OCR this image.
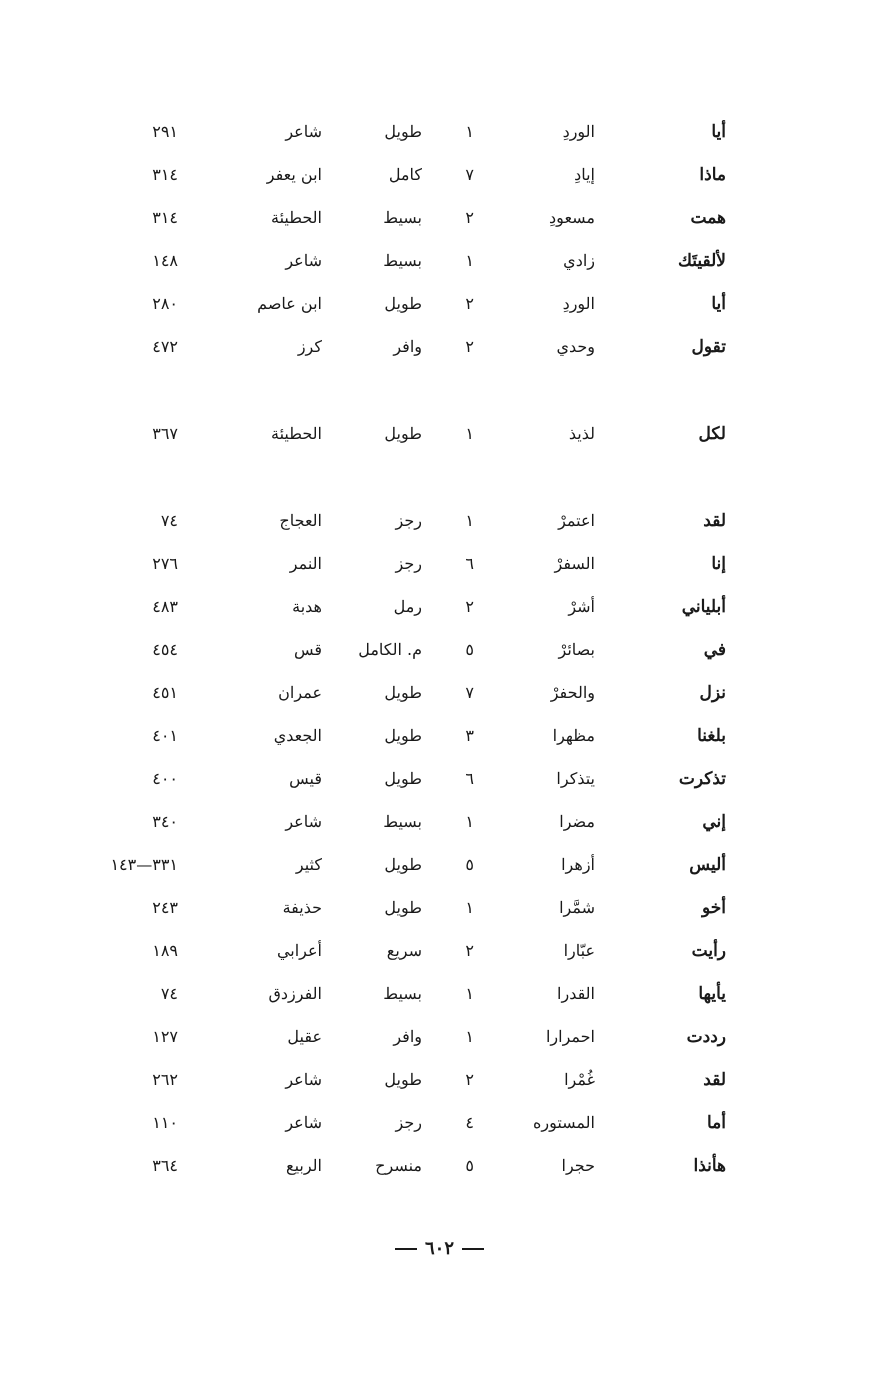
أيا
الوردِ
١
طويل
شاعر
٢٩١
ماذا
إيادِ
٧
كامل
ابن يعفر
٣١٤
همت
مسعودِ
٢
بسيط
الحطيئة
٣١٤
لألقيتَك
زادي
١
بسيط
شاعر
١٤٨
أيا
الوردِ
٢
طويل
ابن عاصم
٢٨٠
تقول
وحدي
٢
وافر
كرز
٤٧٢
لكل
لذيذ
١
طويل
الحطيئة
٣٦٧
لقد
اعتمرْ
١
رجز
العجاج
٧٤
إنا
السفرْ
٦
رجز
النمر
٢٧٦
أبلياني
أشرْ
٢
رمل
هدبة
٤٨٣
في
بصائرْ
٥
م. الكامل
قس
٤٥٤
نزل
والحفرْ
٧
طويل
عمران
٤٥١
بلغنا
مظهرا
٣
طويل
الجعدي
٤٠١
تذكرت
يتذكرا
٦
طويل
قيس
٤٠٠
إني
مضرا
١
بسيط
شاعر
٣٤٠
أليس
أزهرا
٥
طويل
كثير
٣٣١—١٤٣
أخو
شمَّرا
١
طويل
حذيفة
٢٤٣
رأيت
عبّارا
٢
سريع
أعرابي
١٨٩
يأيها
القدرا
١
بسيط
الفرزدق
٧٤
رددت
احمرارا
١
وافر
عقيل
١٢٧
لقد
غُمْرا
٢
طويل
شاعر
٢٦٢
أما
المستوره
٤
رجز
شاعر
١١٠
هأنذا
حجرا
٥
منسرح
الربيع
٣٦٤
٦٠٢
